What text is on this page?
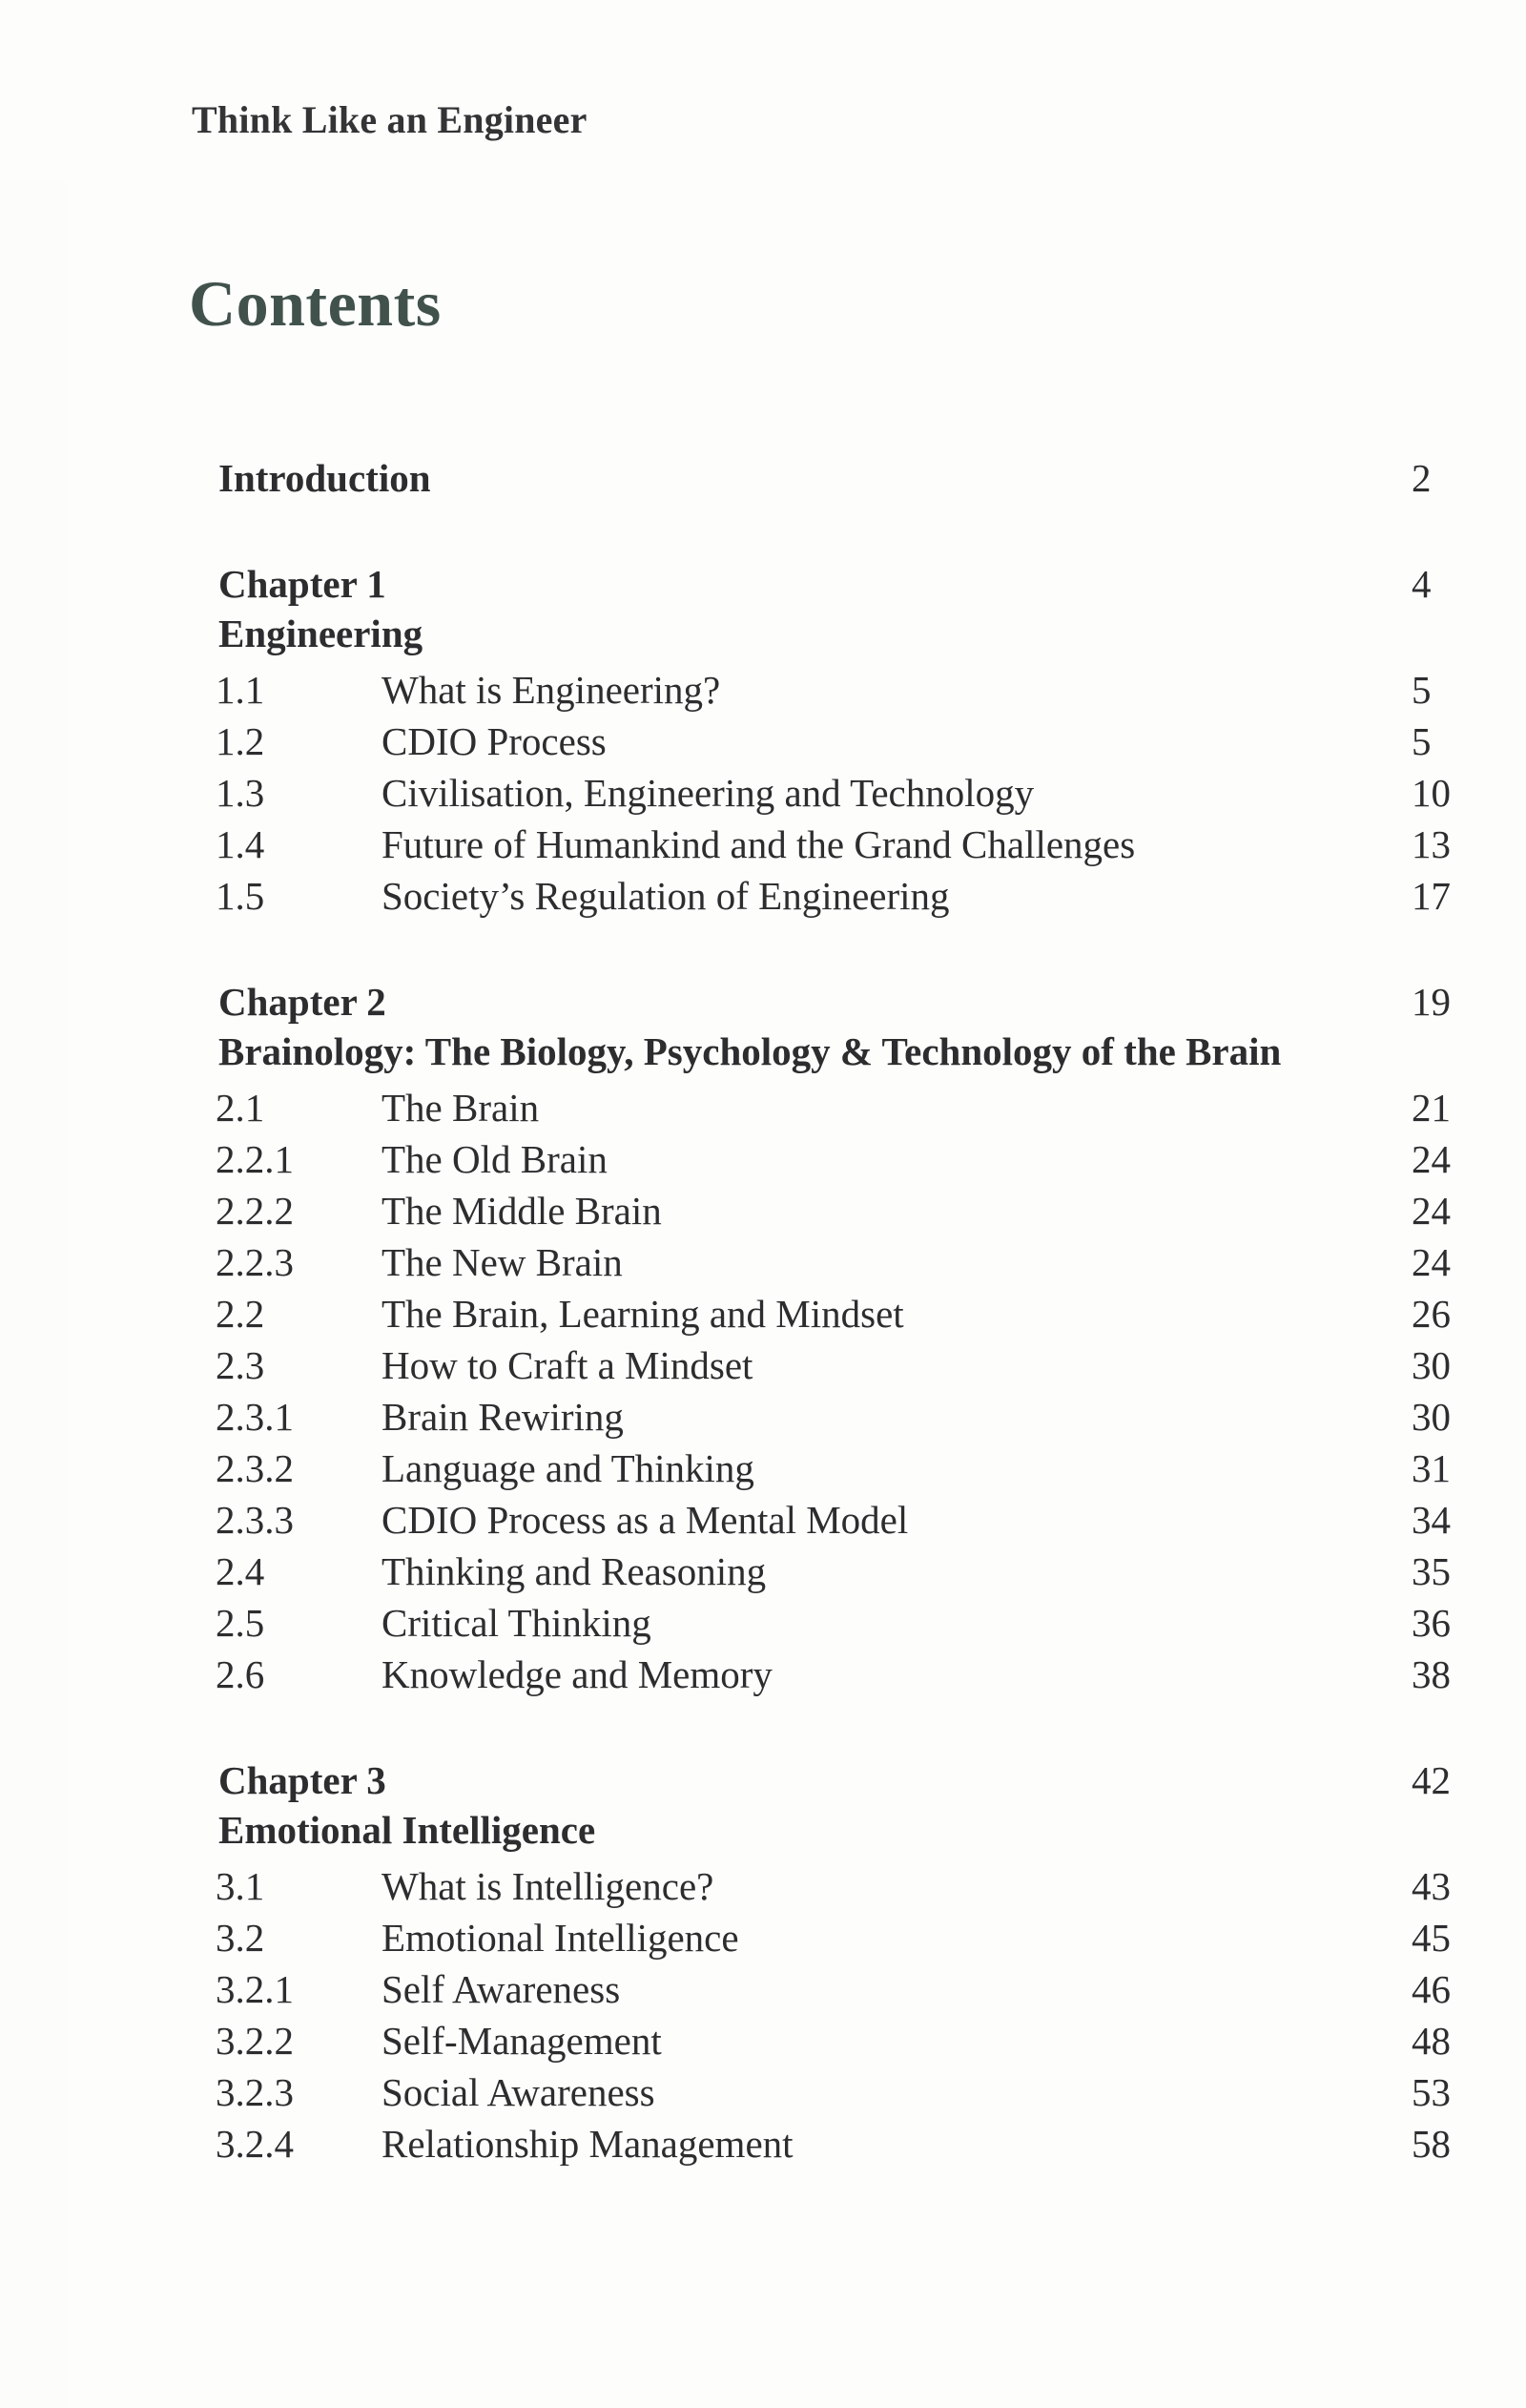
Think Like an Engineer
Contents
Introduction	2
Chapter 1	4
Engineering
1.1	What is Engineering?	5
1.2	CDIO Process	5
1.3	Civilisation, Engineering and Technology	10
1.4	Future of Humankind and the Grand Challenges	13
1.5	Society’s Regulation of Engineering	17
Chapter 2	19
Brainology: The Biology, Psychology & Technology of the Brain
2.1	The Brain	21
2.2.1 The Old Brain	24
2.2.2 The Middle Brain	24
2.2.3 The New Brain	24
2.2	The Brain, Learning and Mindset	26
2.3	How to Craft a Mindset	30
2.3.1 Brain Rewiring	30
2.3.2 Language and Thinking	31
2.3.3 CDIO Process as a Mental Model	34
2.4	Thinking and Reasoning	35
2.5	Critical Thinking	36
2.6	Knowledge and Memory	38
Chapter 3	42
Emotional Intelligence
3.1	What is Intelligence?	43
3.2	Emotional Intelligence	45
3.2.1 Self Awareness	46
3.2.2 Self-Management	48
3.2.3 Social Awareness	53
3.2.4 Relationship Management	58
